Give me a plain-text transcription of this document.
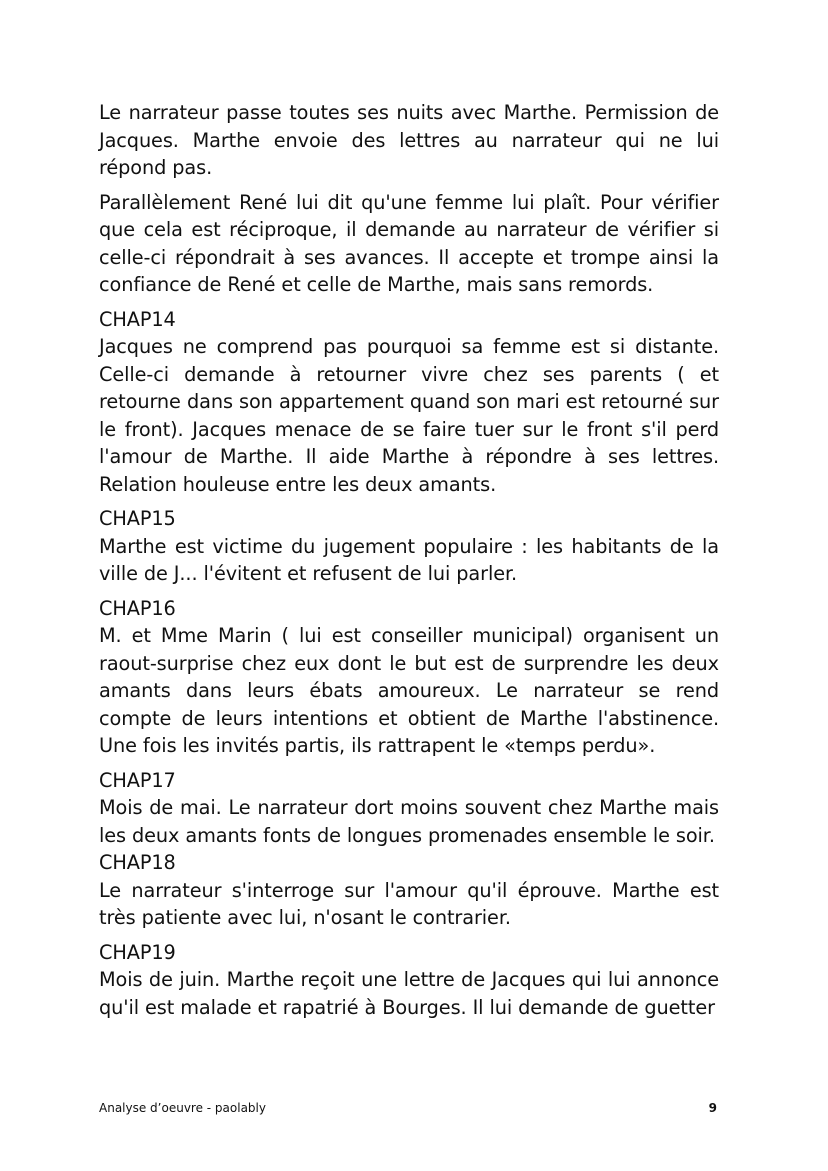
Le narrateur passe toutes ses nuits avec Marthe. Permission de Jacques. Marthe envoie des lettres au narrateur qui ne lui répond pas.

Parallèlement René lui dit qu'une femme lui plaît. Pour vérifier que cela est réciproque, il demande au narrateur de vérifier si celle-ci répondrait à ses avances. Il accepte et trompe ainsi la confiance de René et celle de Marthe, mais sans remords.

CHAP14

Jacques ne comprend pas pourquoi sa femme est si distante. Celle-ci demande à retourner vivre chez ses parents ( et retourne dans son appartement quand son mari est retourné sur le front). Jacques menace de se faire tuer sur le front s'il perd l'amour de Marthe. Il aide Marthe à répondre à ses lettres. Relation houleuse entre les deux amants.

CHAP15

Marthe est victime du jugement populaire : les habitants de la ville de J... l'évitent et refusent de lui parler.

CHAP16

M. et Mme Marin ( lui est conseiller municipal) organisent un raout-surprise chez eux dont le but est de surprendre les deux amants dans leurs ébats amoureux. Le narrateur se rend compte de leurs intentions et obtient de Marthe l'abstinence. Une fois les invités partis, ils rattrapent le «temps perdu».

CHAP17

Mois de mai. Le narrateur dort moins souvent chez Marthe mais les deux amants fonts de longues promenades ensemble le soir.

CHAP18

Le narrateur s'interroge sur l'amour qu'il éprouve. Marthe est très patiente avec lui, n'osant le contrarier.

CHAP19

Mois de juin. Marthe reçoit une lettre de Jacques qui lui annonce qu'il est malade et rapatrié à Bourges. Il lui demande de guetter

Analyse d’oeuvre - paolably	9
